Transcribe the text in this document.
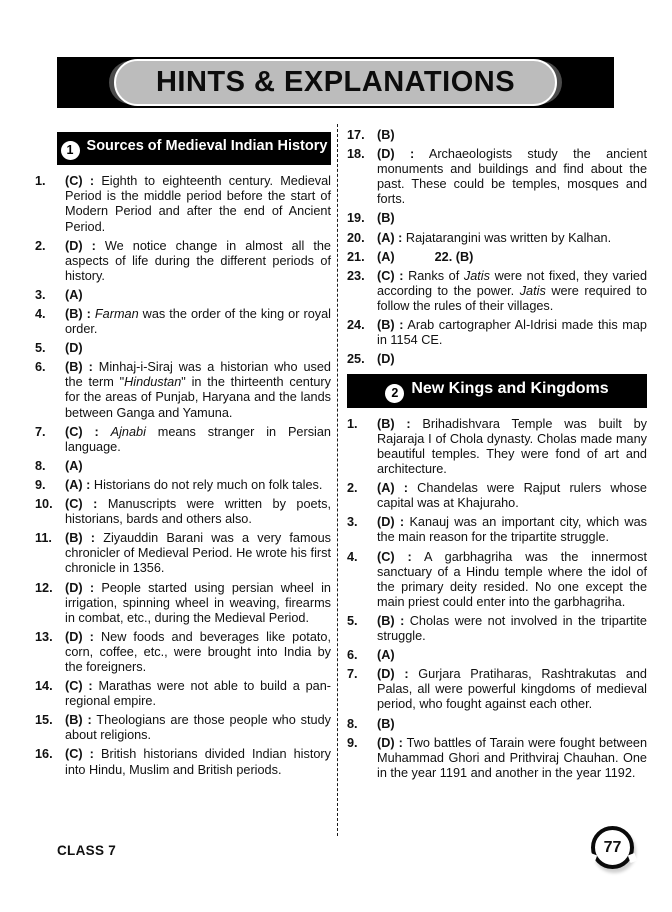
HINTS & EXPLANATIONS
1 Sources of Medieval Indian History
1.	(C) : Eighth to eighteenth century. Medieval Period is the middle period before the start of Modern Period and after the end of Ancient Period.
2.	(D) : We notice change in almost all the aspects of life during the different periods of history.
3.	(A)
4.	(B) : Farman was the order of the king or royal order.
5.	(D)
6.	(B) : Minhaj-i-Siraj was a historian who used the term "Hindustan" in the thirteenth century for the areas of Punjab, Haryana and the lands between Ganga and Yamuna.
7.	(C) : Ajnabi means stranger in Persian language.
8.	(A)
9.	(A) : Historians do not rely much on folk tales.
10. (C) : Manuscripts were written by poets, historians, bards and others also.
11.	(B) : Ziyauddin Barani was a very famous chronicler of Medieval Period. He wrote his first chronicle in 1356.
12. (D) : People started using persian wheel in irrigation, spinning wheel in weaving, firearms in combat, etc., during the Medieval Period.
13. (D) : New foods and beverages like potato, corn, coffee, etc., were brought into India by the foreigners.
14. (C) : Marathas were not able to build a pan-regional empire.
15. (B) : Theologians are those people who study about religions.
16. (C) : British historians divided Indian history into Hindu, Muslim and British periods.
17. (B)
18. (D) : Archaeologists study the ancient monuments and buildings and find about the past. These could be temples, mosques and forts.
19. (B)
20. (A) : Rajatarangini was written by Kalhan.
21. (A)	22. (B)
23. (C) : Ranks of Jatis were not fixed, they varied according to the power. Jatis were required to follow the rules of their villages.
24. (B) : Arab cartographer Al-Idrisi made this map in 1154 CE.
25. (D)
2 New Kings and Kingdoms
1.	(B) : Brihadishvara Temple was built by Rajaraja I of Chola dynasty. Cholas made many beautiful temples. They were fond of art and architecture.
2.	(A) : Chandelas were Rajput rulers whose capital was at Khajuraho.
3.	(D) : Kanauj was an important city, which was the main reason for the tripartite struggle.
4.	(C) : A garbhagriha was the innermost sanctuary of a Hindu temple where the idol of the primary deity resided. No one except the main priest could enter into the garbhagriha.
5.	(B) : Cholas were not involved in the tripartite struggle.
6.	(A)
7.	(D) : Gurjara Pratiharas, Rashtrakutas and Palas, all were powerful kingdoms of medieval period, who fought against each other.
8.	(B)
9.	(D) : Two battles of Tarain were fought between Muhammad Ghori and Prithviraj Chauhan. One in the year 1191 and another in the year 1192.
CLASS 7	77
